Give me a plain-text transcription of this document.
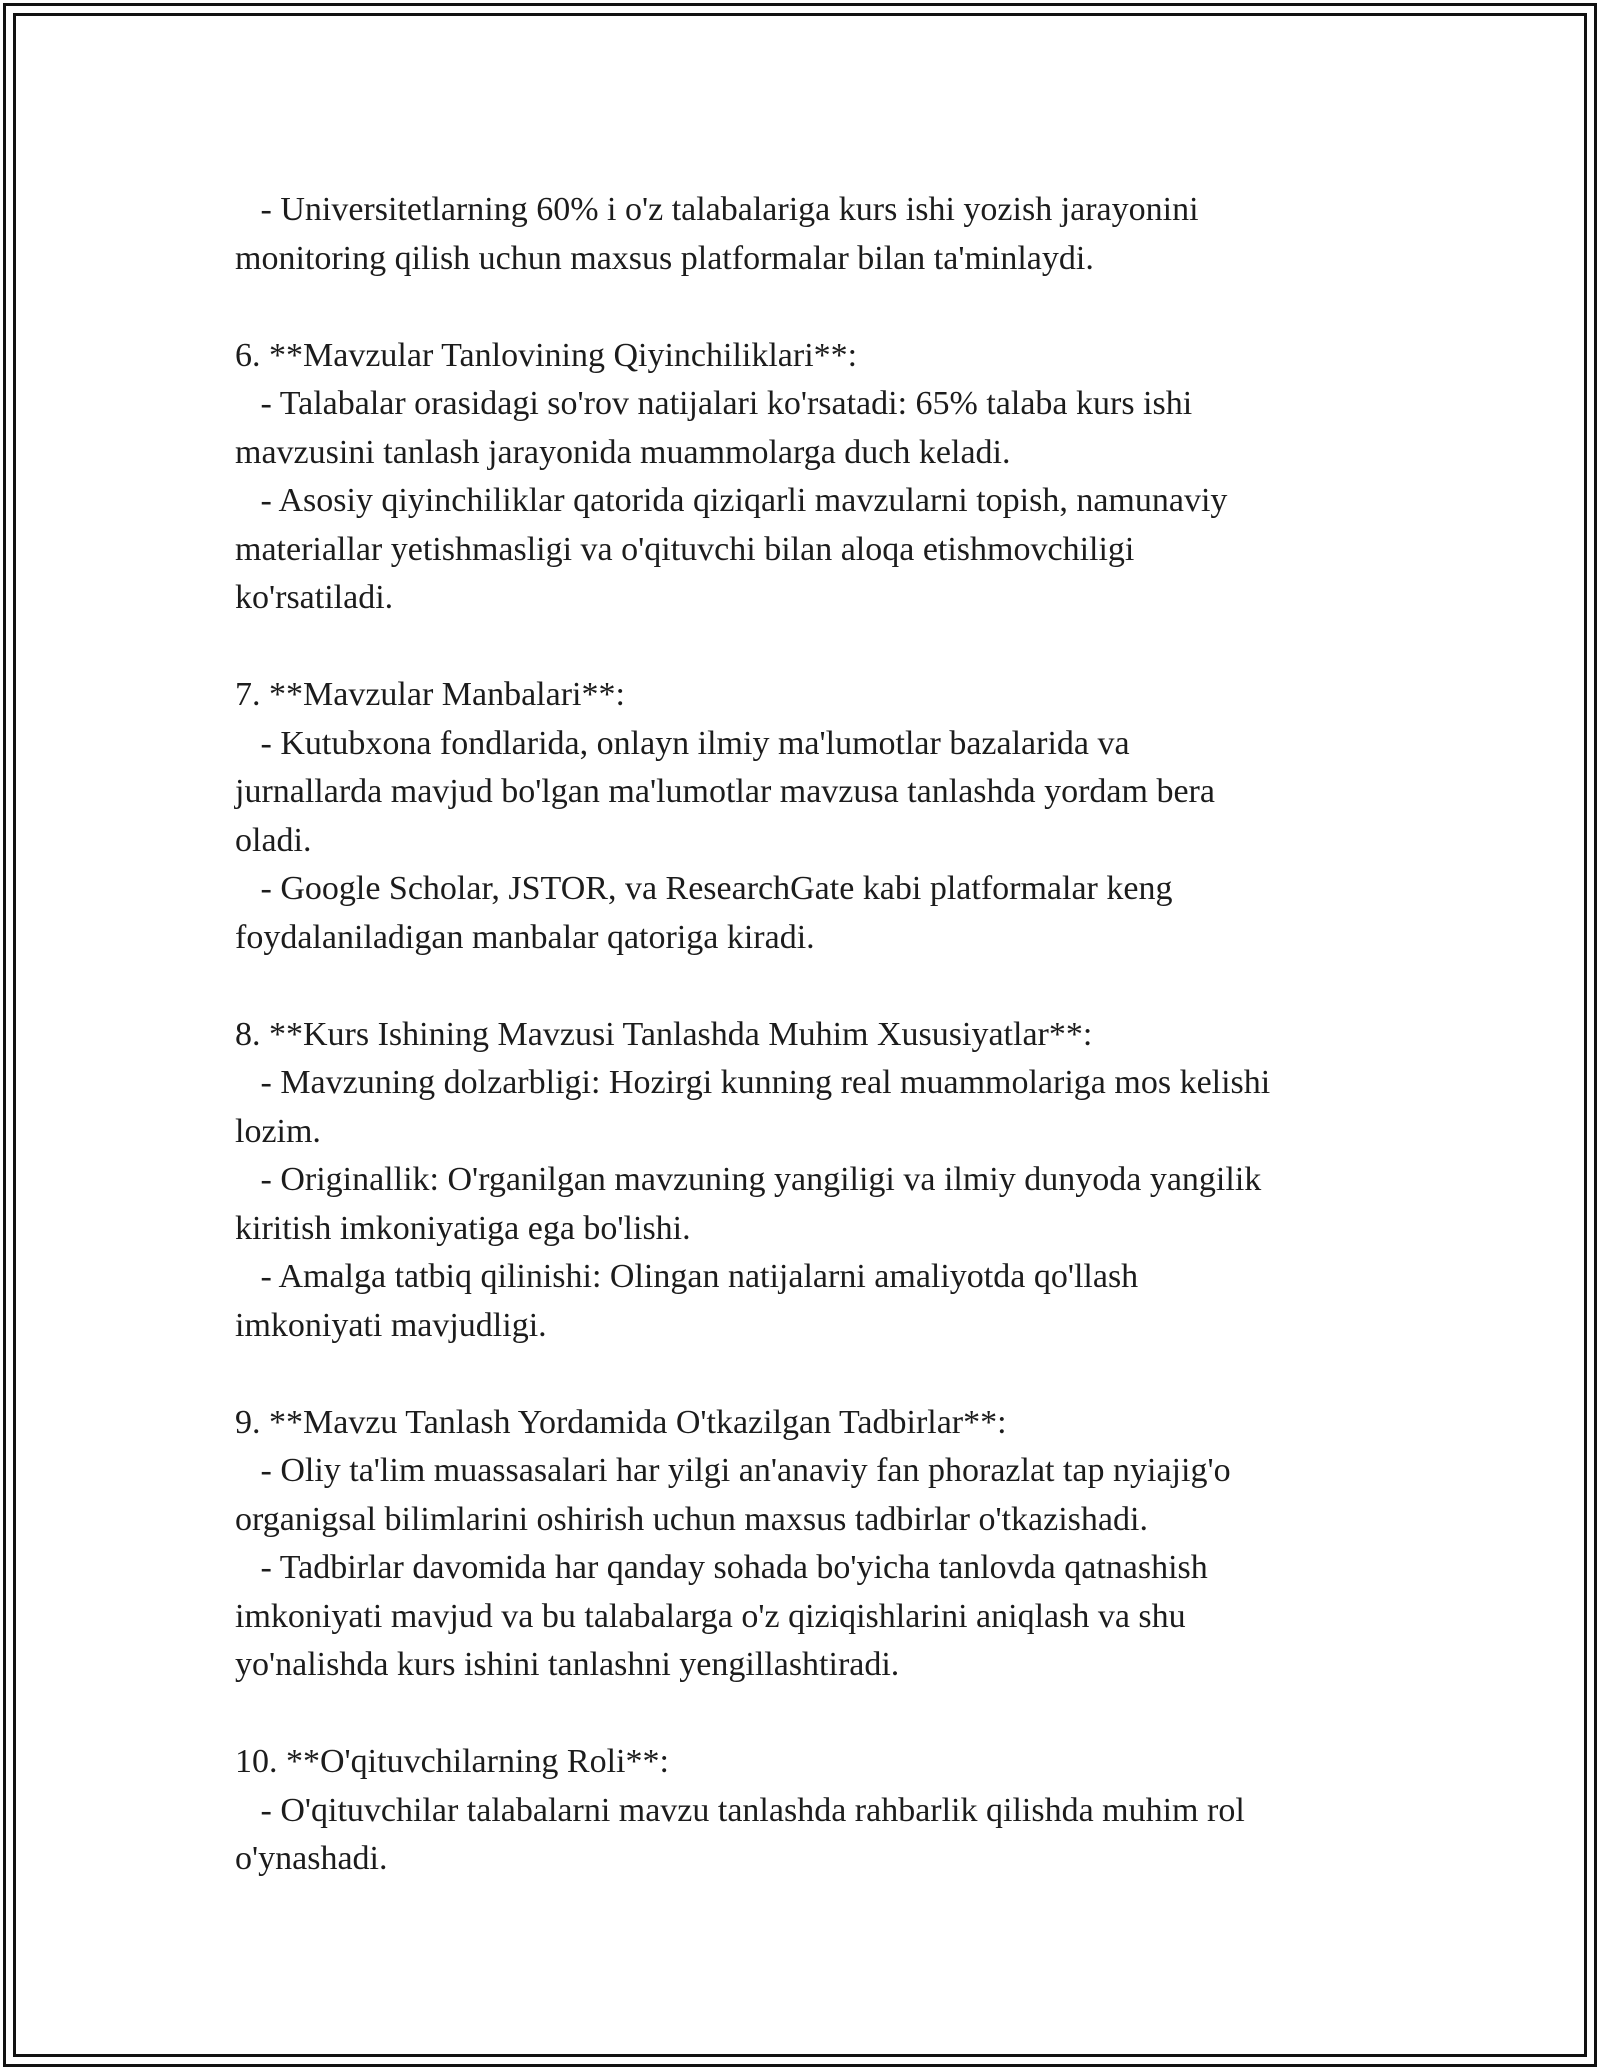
- Universitetlarning 60% i o'z talabalariga kurs ishi yozish jarayonini
monitoring qilish uchun maxsus platformalar bilan ta'minlaydi.
6. **Mavzular Tanlovining Qiyinchiliklari**:
- Talabalar orasidagi so'rov natijalari ko'rsatadi: 65% talaba kurs ishi
mavzusini tanlash jarayonida muammolarga duch keladi.
- Asosiy qiyinchiliklar qatorida qiziqarli mavzularni topish, namunaviy
materiallar yetishmasligi va o'qituvchi bilan aloqa etishmovchiligi
ko'rsatiladi.
7. **Mavzular Manbalari**:
- Kutubxona fondlarida, onlayn ilmiy ma'lumotlar bazalarida va
jurnallarda mavjud bo'lgan ma'lumotlar mavzusa tanlashda yordam bera
oladi.
- Google Scholar, JSTOR, va ResearchGate kabi platformalar keng
foydalaniladigan manbalar qatoriga kiradi.
8. **Kurs Ishining Mavzusi Tanlashda Muhim Xususiyatlar**:
- Mavzuning dolzarbligi: Hozirgi kunning real muammolariga mos kelishi
lozim.
- Originallik: O'rganilgan mavzuning yangiligi va ilmiy dunyoda yangilik
kiritish imkoniyatiga ega bo'lishi.
- Amalga tatbiq qilinishi: Olingan natijalarni amaliyotda qo'llash
imkoniyati mavjudligi.
9. **Mavzu Tanlash Yordamida O'tkazilgan Tadbirlar**:
- Oliy ta'lim muassasalari har yilgi an'anaviy fan phorazlat tap nyiajig'o
organigsal bilimlarini oshirish uchun maxsus tadbirlar o'tkazishadi.
- Tadbirlar davomida har qanday sohada bo'yicha tanlovda qatnashish
imkoniyati mavjud va bu talabalarga o'z qiziqishlarini aniqlash va shu
yo'nalishda kurs ishini tanlashni yengillashtiradi.
10. **O'qituvchilarning Roli**:
- O'qituvchilar talabalarni mavzu tanlashda rahbarlik qilishda muhim rol
o'ynashadi.
